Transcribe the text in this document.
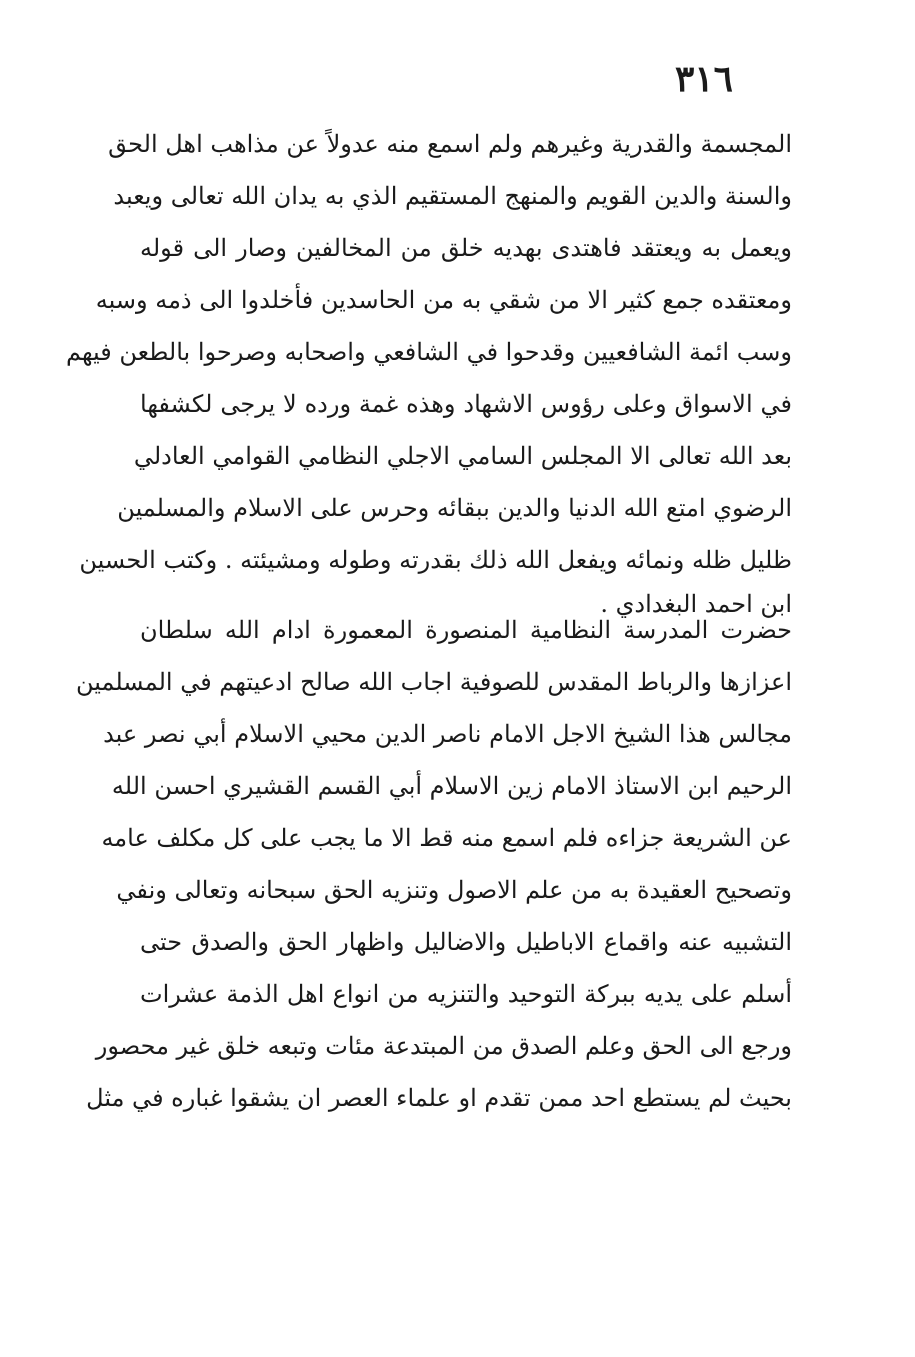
٣١٦
المجسمة والقدرية وغيرهم ولم اسمع منه عدولاً عن مذاهب اهل الحق
والسنة والدين القويم والمنهج المستقيم الذي به يدان الله تعالى ويعبد
ويعمل به ويعتقد فاهتدى بهديه خلق من المخالفين وصار الى قوله
ومعتقده جمع كثير الا من شقي به من الحاسدين فأخلدوا الى ذمه وسبه
وسب ائمة الشافعيين وقدحوا في الشافعي واصحابه وصرحوا بالطعن فيهم
في الاسواق وعلى رؤوس الاشهاد وهذه غمة ورده لا يرجى لكشفها
بعد الله تعالى الا المجلس السامي الاجلي النظامي القوامي العادلي
الرضوي امتع الله الدنيا والدين ببقائه وحرس على الاسلام والمسلمين
ظليل ظله ونمائه ويفعل الله ذلك بقدرته وطوله ومشيئته . وكتب الحسين
ابن احمد البغدادي .
حضرت المدرسة النظامية المنصورة المعمورة ادام الله سلطان
اعزازها والرباط المقدس للصوفية اجاب الله صالح ادعيتهم في المسلمين
مجالس هذا الشيخ الاجل الامام ناصر الدين محيي الاسلام أبي نصر عبد
الرحيم ابن الاستاذ الامام زين الاسلام أبي القسم القشيري احسن الله
عن الشريعة جزاءه فلم اسمع منه قط الا ما يجب على كل مكلف عامه
وتصحيح العقيدة به من علم الاصول وتنزيه الحق سبحانه وتعالى ونفي
التشبيه عنه واقماع الاباطيل والاضاليل واظهار الحق والصدق حتى
أسلم على يديه ببركة التوحيد والتنزيه من انواع اهل الذمة عشرات
ورجع الى الحق وعلم الصدق من المبتدعة مئات وتبعه خلق غير محصور
بحيث لم يستطع احد ممن تقدم او علماء العصر ان يشقوا غباره في مثل
